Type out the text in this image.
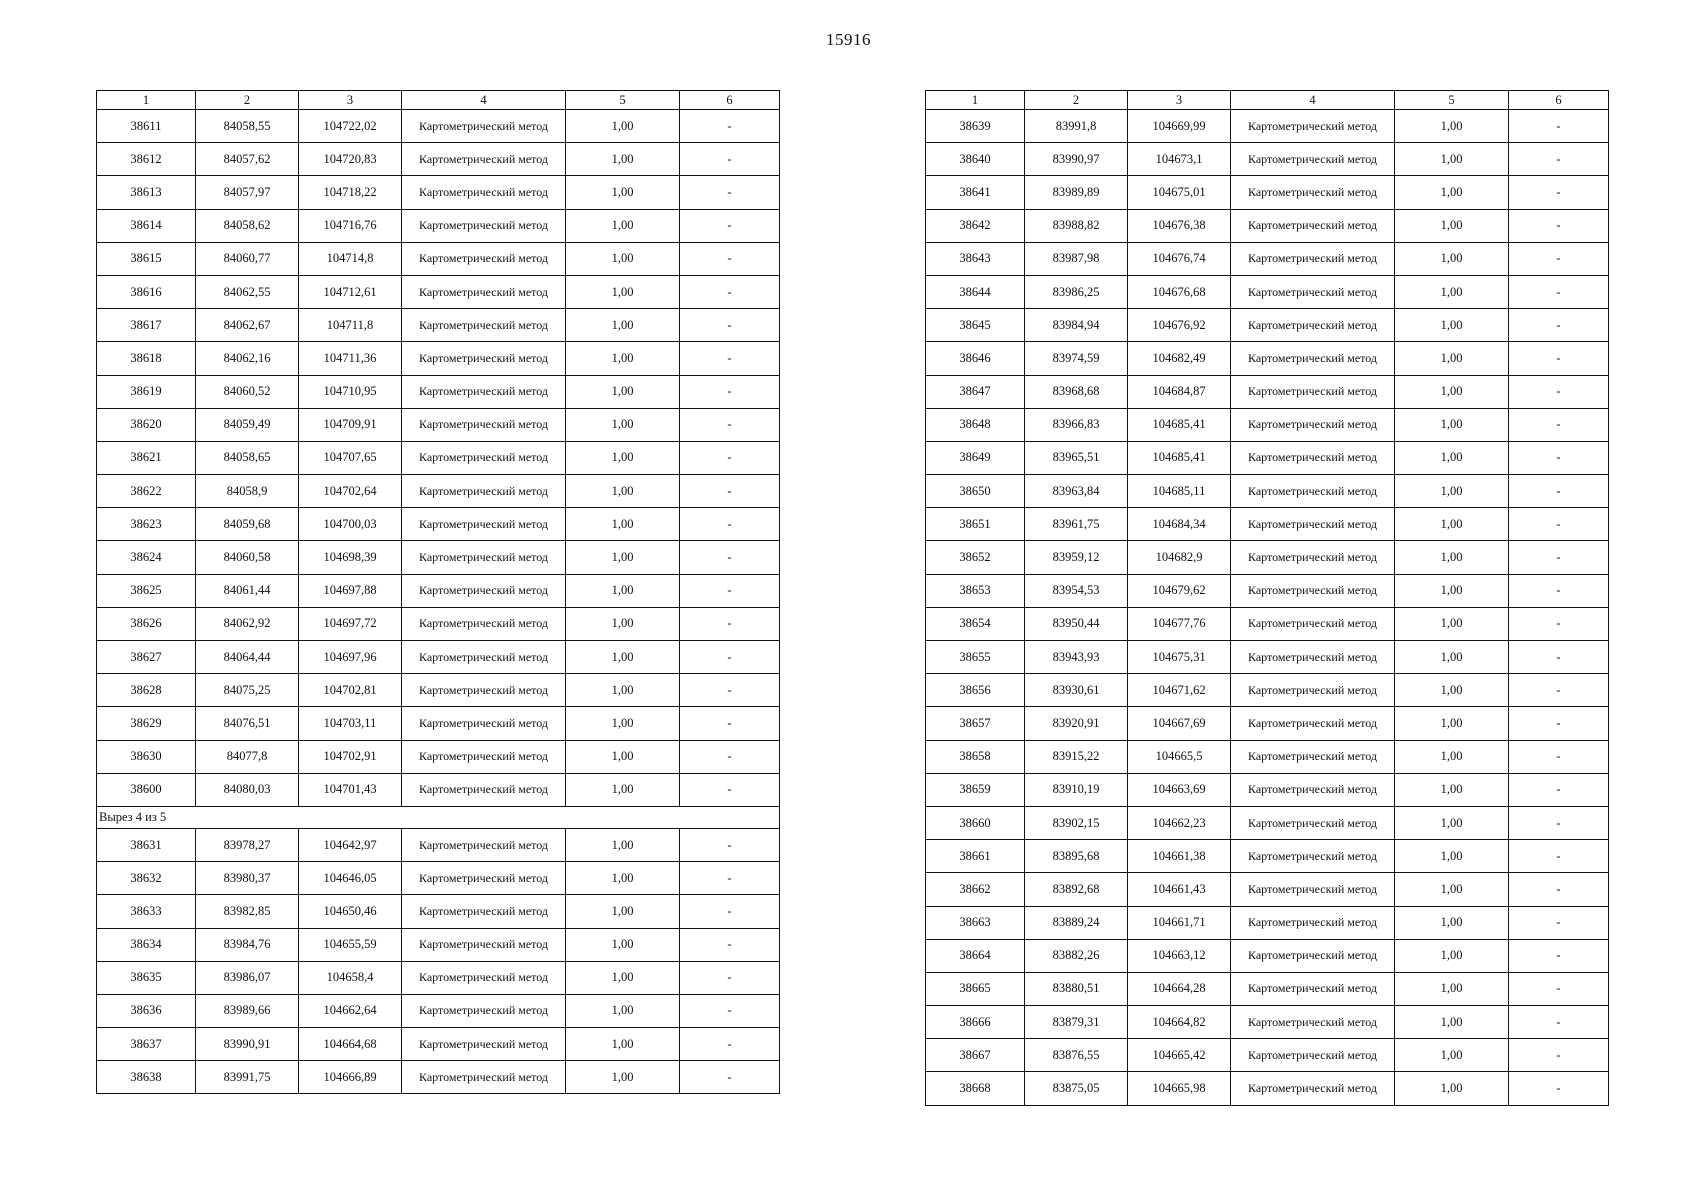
15916
1	2	3	4	5	6
38611	84058,55	104722,02	Картометрический метод	1,00	-
38612	84057,62	104720,83	Картометрический метод	1,00	-
38613	84057,97	104718,22	Картометрический метод	1,00	-
38614	84058,62	104716,76	Картометрический метод	1,00	-
38615	84060,77	104714,8	Картометрический метод	1,00	-
38616	84062,55	104712,61	Картометрический метод	1,00	-
38617	84062,67	104711,8	Картометрический метод	1,00	-
38618	84062,16	104711,36	Картометрический метод	1,00	-
38619	84060,52	104710,95	Картометрический метод	1,00	-
38620	84059,49	104709,91	Картометрический метод	1,00	-
38621	84058,65	104707,65	Картометрический метод	1,00	-
38622	84058,9	104702,64	Картометрический метод	1,00	-
38623	84059,68	104700,03	Картометрический метод	1,00	-
38624	84060,58	104698,39	Картометрический метод	1,00	-
38625	84061,44	104697,88	Картометрический метод	1,00	-
38626	84062,92	104697,72	Картометрический метод	1,00	-
38627	84064,44	104697,96	Картометрический метод	1,00	-
38628	84075,25	104702,81	Картометрический метод	1,00	-
38629	84076,51	104703,11	Картометрический метод	1,00	-
38630	84077,8	104702,91	Картометрический метод	1,00	-
38600	84080,03	104701,43	Картометрический метод	1,00	-
Вырез 4 из 5					
38631	83978,27	104642,97	Картометрический метод	1,00	-
38632	83980,37	104646,05	Картометрический метод	1,00	-
38633	83982,85	104650,46	Картометрический метод	1,00	-
38634	83984,76	104655,59	Картометрический метод	1,00	-
38635	83986,07	104658,4	Картометрический метод	1,00	-
38636	83989,66	104662,64	Картометрический метод	1,00	-
38637	83990,91	104664,68	Картометрический метод	1,00	-
38638	83991,75	104666,89	Картометрический метод	1,00	-
1	2	3	4	5	6
38639	83991,8	104669,99	Картометрический метод	1,00	-
38640	83990,97	104673,1	Картометрический метод	1,00	-
38641	83989,89	104675,01	Картометрический метод	1,00	-
38642	83988,82	104676,38	Картометрический метод	1,00	-
38643	83987,98	104676,74	Картометрический метод	1,00	-
38644	83986,25	104676,68	Картометрический метод	1,00	-
38645	83984,94	104676,92	Картометрический метод	1,00	-
38646	83974,59	104682,49	Картометрический метод	1,00	-
38647	83968,68	104684,87	Картометрический метод	1,00	-
38648	83966,83	104685,41	Картометрический метод	1,00	-
38649	83965,51	104685,41	Картометрический метод	1,00	-
38650	83963,84	104685,11	Картометрический метод	1,00	-
38651	83961,75	104684,34	Картометрический метод	1,00	-
38652	83959,12	104682,9	Картометрический метод	1,00	-
38653	83954,53	104679,62	Картометрический метод	1,00	-
38654	83950,44	104677,76	Картометрический метод	1,00	-
38655	83943,93	104675,31	Картометрический метод	1,00	-
38656	83930,61	104671,62	Картометрический метод	1,00	-
38657	83920,91	104667,69	Картометрический метод	1,00	-
38658	83915,22	104665,5	Картометрический метод	1,00	-
38659	83910,19	104663,69	Картометрический метод	1,00	-
38660	83902,15	104662,23	Картометрический метод	1,00	-
38661	83895,68	104661,38	Картометрический метод	1,00	-
38662	83892,68	104661,43	Картометрический метод	1,00	-
38663	83889,24	104661,71	Картометрический метод	1,00	-
38664	83882,26	104663,12	Картометрический метод	1,00	-
38665	83880,51	104664,28	Картометрический метод	1,00	-
38666	83879,31	104664,82	Картометрический метод	1,00	-
38667	83876,55	104665,42	Картометрический метод	1,00	-
38668	83875,05	104665,98	Картометрический метод	1,00	-
